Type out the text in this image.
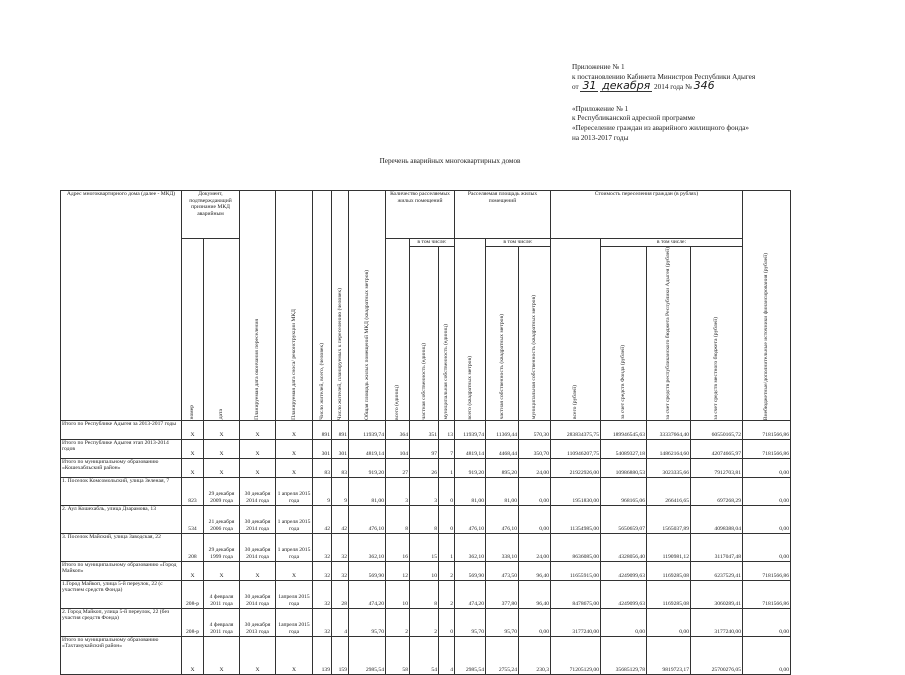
Приложение № 1
к постановлению Кабинета Министров Республики Адыгея
от 31 декабря 2014 года № 346
«Приложение № 1
к Республиканской адресной программе
«Переселение граждан из аварийного жилищного фонда»
на 2013-2017 годы
Перечень аварийных многоквартирных домов
Адрес многоквартирного дома (далее - МКД)	Документ, подтверждающий признание МКД аварийным		Планируемая дата окончания переселения	Планируемая дата сноса/ реконструкции МКД	Число жителей, всего, (человек)	Число жителей, планируемых к переселению (человек)	Общая площадь жилых помещений МКД (квадратных метров)	Количество расселяемых жилых помещений			Расселяемая площадь жилых помещений			Стоимость переселения граждан (в рублях)				Внебюджетные/дополнительные источники финансирования (рублей)

	номер	дата						всего (единиц)	в том числе:		всего (квадратных метров)	в том числе:		всего (рублей)	в том числе:			

									частная собственность (единиц)	муниципальная собственность (единиц)		частная собственность (квадратных метров)	муниципальная собственность (квадратных метров)		за счет средств Фонда (рублей)	за счет средств республиканского бюджета Республики Адыгея (рублей)	за счет средств местного бюджета (рублей)	

Итого по Республике Адыгея за 2013-2017 годы	X	X	X	X	891	891	11939,74	364	351	13	11939,74	11369,44	570,30	283834375,75	189946545,63	33337664,40	60550165,72	7181566,86
Итого по Республике Адыгея этап 2013-2014 годов	X	X	X	X	301	301	4819,14	104	97	7	4819,14	4468,44	350,70	110946207,75	54089327,18	14862164,60	42074665,97	7181566,86
Итого по муниципальному образованию «Кошехабльский район»	X	X	X	X	83	83	919,20	27	26	1	919,20	895,20	24,00	21922926,00	10986880,53	3023335,66	7912703,81	0,00
1. Поселок Комсомольский, улица Зеленая, 7	823	29 декабря 2009 года	30 декабря 2014 года	1 апреля 2015 года	9	9	81,00	3	3	0	81,00	81,00	0,00	1951830,00	968165,06	266416,65	697268,29	0,00
2. Аул Кошехабль, улица Дзарамова, 13	534	21 декабря 2006 года	30 декабря 2014 года	1 апреля 2015 года	42	42	476,10	8	8	0	476,10	476,10	0,00	11354985,00	5650659,07	1565037,89	4098388,04	0,00
3. Поселок Майский, улица Заводская, 22	208	29 декабря 1999 года	30 декабря 2014 года	1 апреля 2015 года	32	32	362,10	16	15	1	362,10	338,10	24,00	8636085,00	4328056,40	1190981,12	3117047,48	0,00
Итого по муниципальному образованию «Город Майкоп»	X	X	X	X	32	32	569,90	12	10	2	569,90	473,50	96,40	11655915,00	4249099,63	1169285,08	6237529,41	7181566,86
1.Город Майкоп, улица 5-й переулок, 22 (с участием средств Фонда)	208-р	4 февраля 2011 года	30 декабря 2014 года	1апреля 2015 года	32	28	474,20	10	8	2	474,20	377,80	96,40	8478675,00	4249099,63	1169285,08	3060289,41	7181566,86
2. Город Майкоп, улица 5-й переулок, 22 (без участия средств Фонда)	208-р	4 февраля 2011 года	30 декабря 2013 года	1апреля 2015 года	32	4	95,70	2	2	0	95,70	95,70	0,00	3177240,00	0,00	0,00	3177240,00	0,00
Итого по муниципальному образованию «Тахтамукайский район»	X	X	X	X	139	159	2985,54	58	54	4	2985,54	2755,24	230,3	71205129,00	35685129,78	9819723,17	25700276,05	0,00
